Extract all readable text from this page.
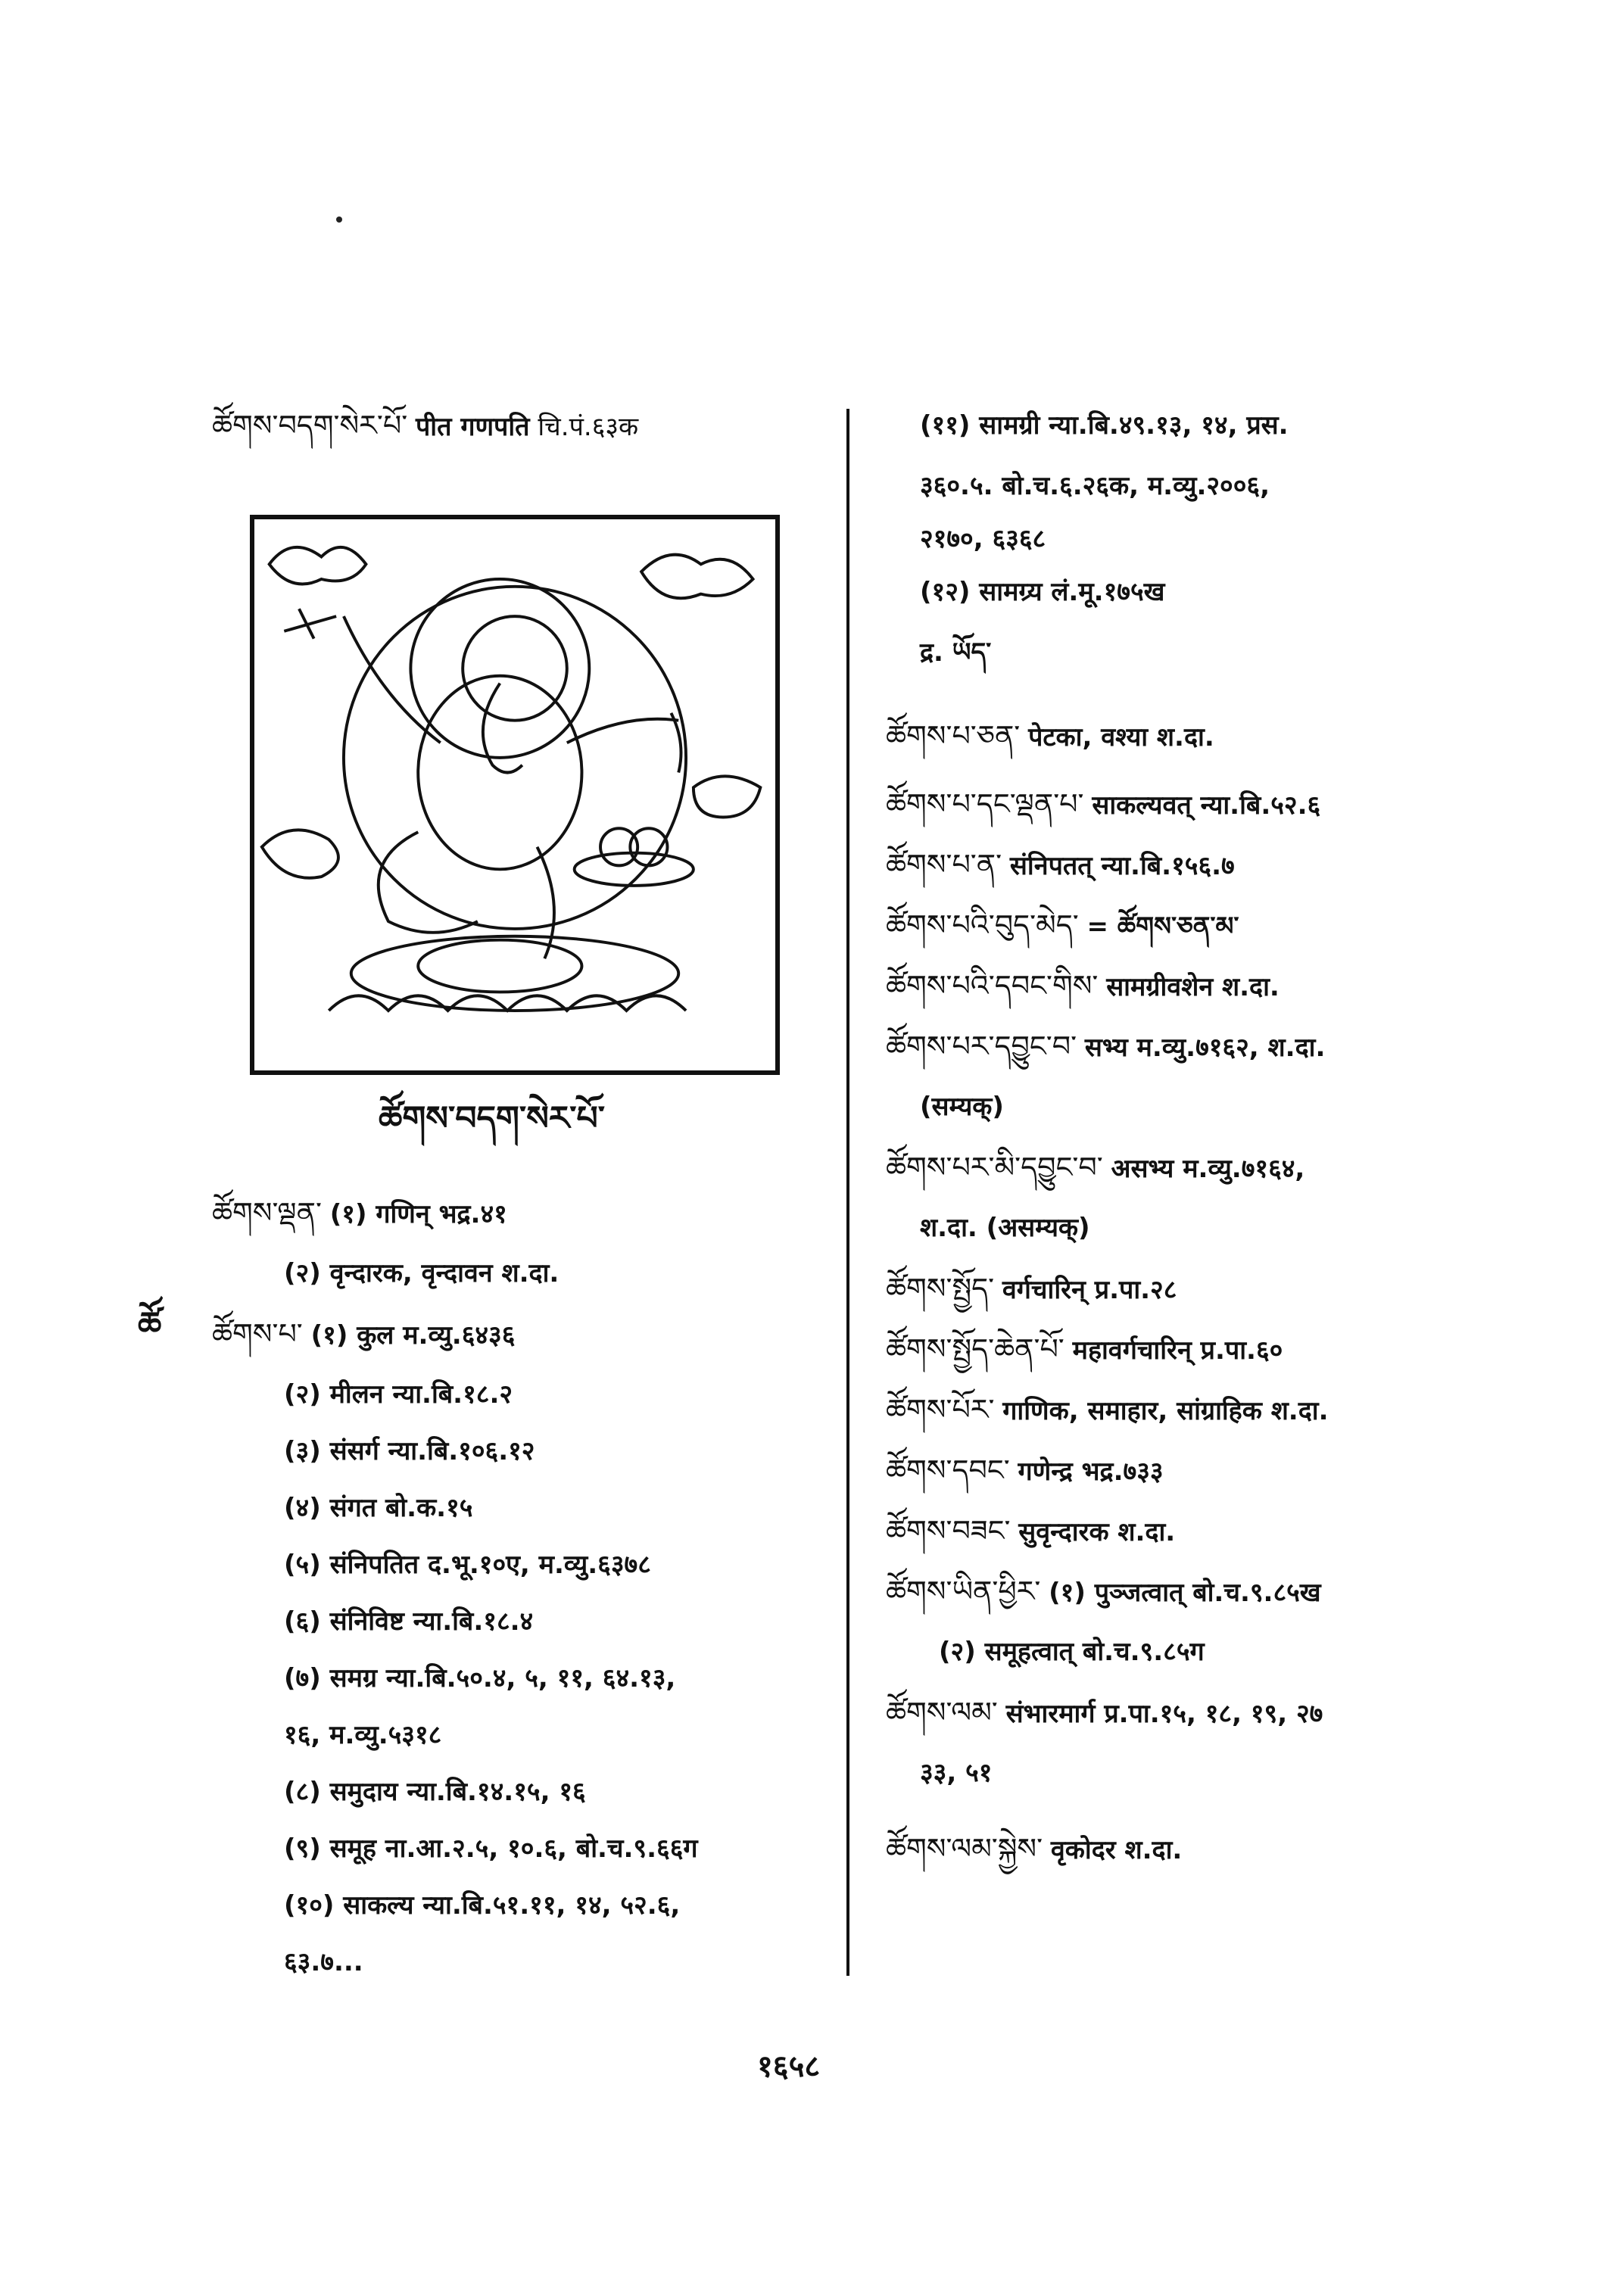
ཚོགས་བདག་སེར་པོ་ पीत गणपति चि.पं.६३क
ཚོགས་བདག་སེར་པོ་
ཚོ
ཚོགས་ལྡན་ (१) गणिन् भद्र.४१
(२) वृन्दारक, वृन्दावन श.दा.
ཚོགས་པ་ (१) कुल म.व्यु.६४३६
(२) मीलन न्या.बि.१८.२
(३) संसर्ग न्या.बि.१०६.१२
(४) संगत बो.क.१५
(५) संनिपतित द.भू.१०ए, म.व्यु.६३७८
(६) संनिविष्ट न्या.बि.१८.४
(७) समग्र न्या.बि.५०.४, ५, ११, ६४.१३,
१६, म.व्यु.५३१८
(८) समुदाय न्या.बि.१४.१५, १६
(९) समूह ना.आ.२.५, १०.६, बो.च.९.६६ग
(१०) साकल्य न्या.बि.५१.११, १४, ५२.६,
६३.७...
(११) सामग्री न्या.बि.४९.१३, १४, प्रस.
३६०.५. बो.च.६.२६क, म.व्यु.२००६,
२१७०, ६३६८
(१२) सामग्र्य लं.मू.१७५ख
द्र. ཡོད་
ཚོགས་པ་ཅན་ पेटका, वश्या श.दा.
ཚོགས་པ་དང་ལྡན་པ་ साकल्यवत् न्या.बि.५२.६
ཚོགས་པ་ན་ संनिपतत् न्या.बि.१५६.७
ཚོགས་པའི་བུད་མེད་ = ཚོགས་ཅན་མ་
ཚོགས་པའི་དབང་གིས་ सामग्रीवशेन श.दा.
ཚོགས་པར་དབྱུང་བ་ सभ्य म.व्यु.७१६२, श.दा.
(सम्यक्)
ཚོགས་པར་མི་དབྱུང་བ་ असभ्य म.व्यु.७१६४,
श.दा. (असम्यक्)
ཚོགས་སྤྱོད་ वर्गचारिन् प्र.पा.२८
ཚོགས་སྤྱོད་ཆེན་པོ་ महावर्गचारिन् प्र.पा.६०
ཚོགས་པོར་ गाणिक, समाहार, सांग्राहिक श.दा.
ཚོགས་དབང་ गणेन्द्र भद्र.७३३
ཚོགས་བཟང་ सुवृन्दारक श.दा.
ཚོགས་ཡིན་ཕྱིར་ (१) पुञ्जत्वात् बो.च.९.८५ख
(२) समूहत्वात् बो.च.९.८५ग
ཚོགས་ལམ་ संभारमार्ग प्र.पा.१५, १८, १९, २७
३३, ५१
ཚོགས་ལམ་སྐྱེས་ वृकोदर श.दा.
१६५८
